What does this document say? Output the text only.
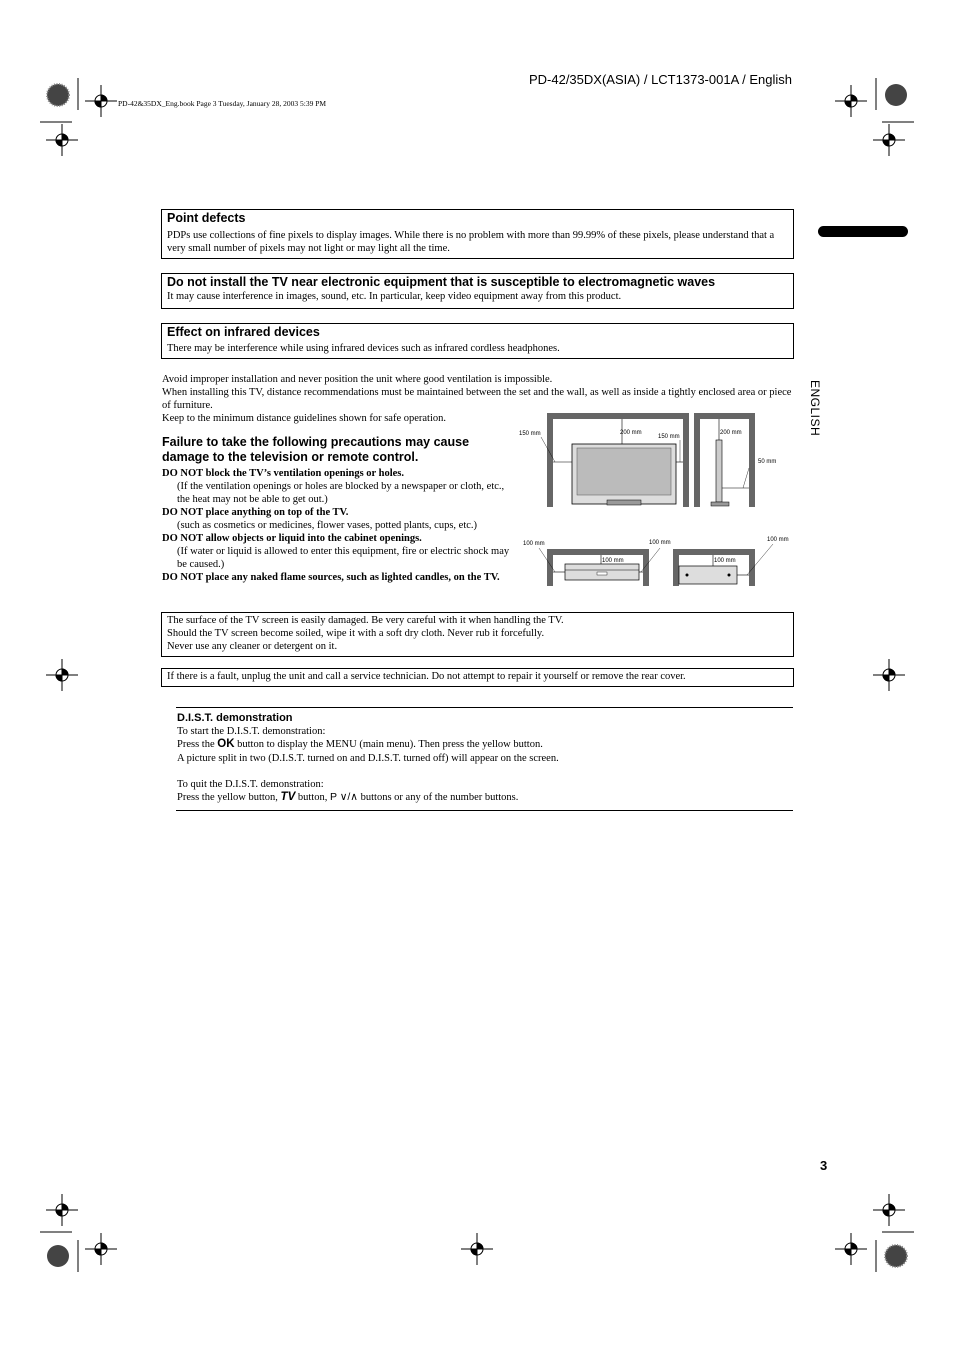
PD-42/35DX(ASIA) / LCT1373-001A / English
PD-42&35DX_Eng.book Page 3 Tuesday, January 28, 2003 5:39 PM
Point defects
PDPs use collections of fine pixels to display images. While there is no problem with more than 99.99% of these pixels, please understand that a very small number of pixels may not light or may light all the time.
Do not install the TV near electronic equipment that is susceptible to electromagnetic waves
It may cause interference in images, sound, etc. In particular, keep video equipment away from this product.
Effect on infrared devices
There may be interference while using infrared devices such as infrared cordless headphones.
ENGLISH
Avoid improper installation and never position the unit where good ventilation is impossible.
When installing this TV, distance recommendations must be maintained between the set and the wall, as well as inside a tightly enclosed area or piece of furniture.
Keep to the minimum distance guidelines shown for safe operation.
Failure to take the following precautions may cause damage to the television or remote control.
DO NOT block the TV’s ventilation openings or holes.
(If the ventilation openings or holes are blocked by a newspaper or cloth, etc., the heat may not be able to get out.)
DO NOT place anything on top of the TV.
(such as cosmetics or medicines, flower vases, potted plants, cups, etc.)
DO NOT allow objects or liquid into the cabinet openings.
(If water or liquid is allowed to enter this equipment, fire or electric shock may be caused.)
DO NOT place any naked flame sources, such as lighted candles, on the TV.
150 mm	200 mm
150 mm
200 mm
50 mm
100 mm
100 mm
100 mm
100 mm
100 mm
The surface of the TV screen is easily damaged. Be very careful with it when handling the TV.
Should the TV screen become soiled, wipe it with a soft dry cloth. Never rub it forcefully.
Never use any cleaner or detergent on it.
If there is a fault, unplug the unit and call a service technician. Do not attempt to repair it yourself or remove the rear cover.
D.I.S.T. demonstration
To start the D.I.S.T. demonstration:
Press the OK button to display the MENU (main menu). Then press the yellow button.
A picture split in two (D.I.S.T. turned on and D.I.S.T. turned off) will appear on the screen.
To quit the D.I.S.T. demonstration:
Press the yellow button, TV button, P ∨/∧ buttons or any of the number buttons.
3
